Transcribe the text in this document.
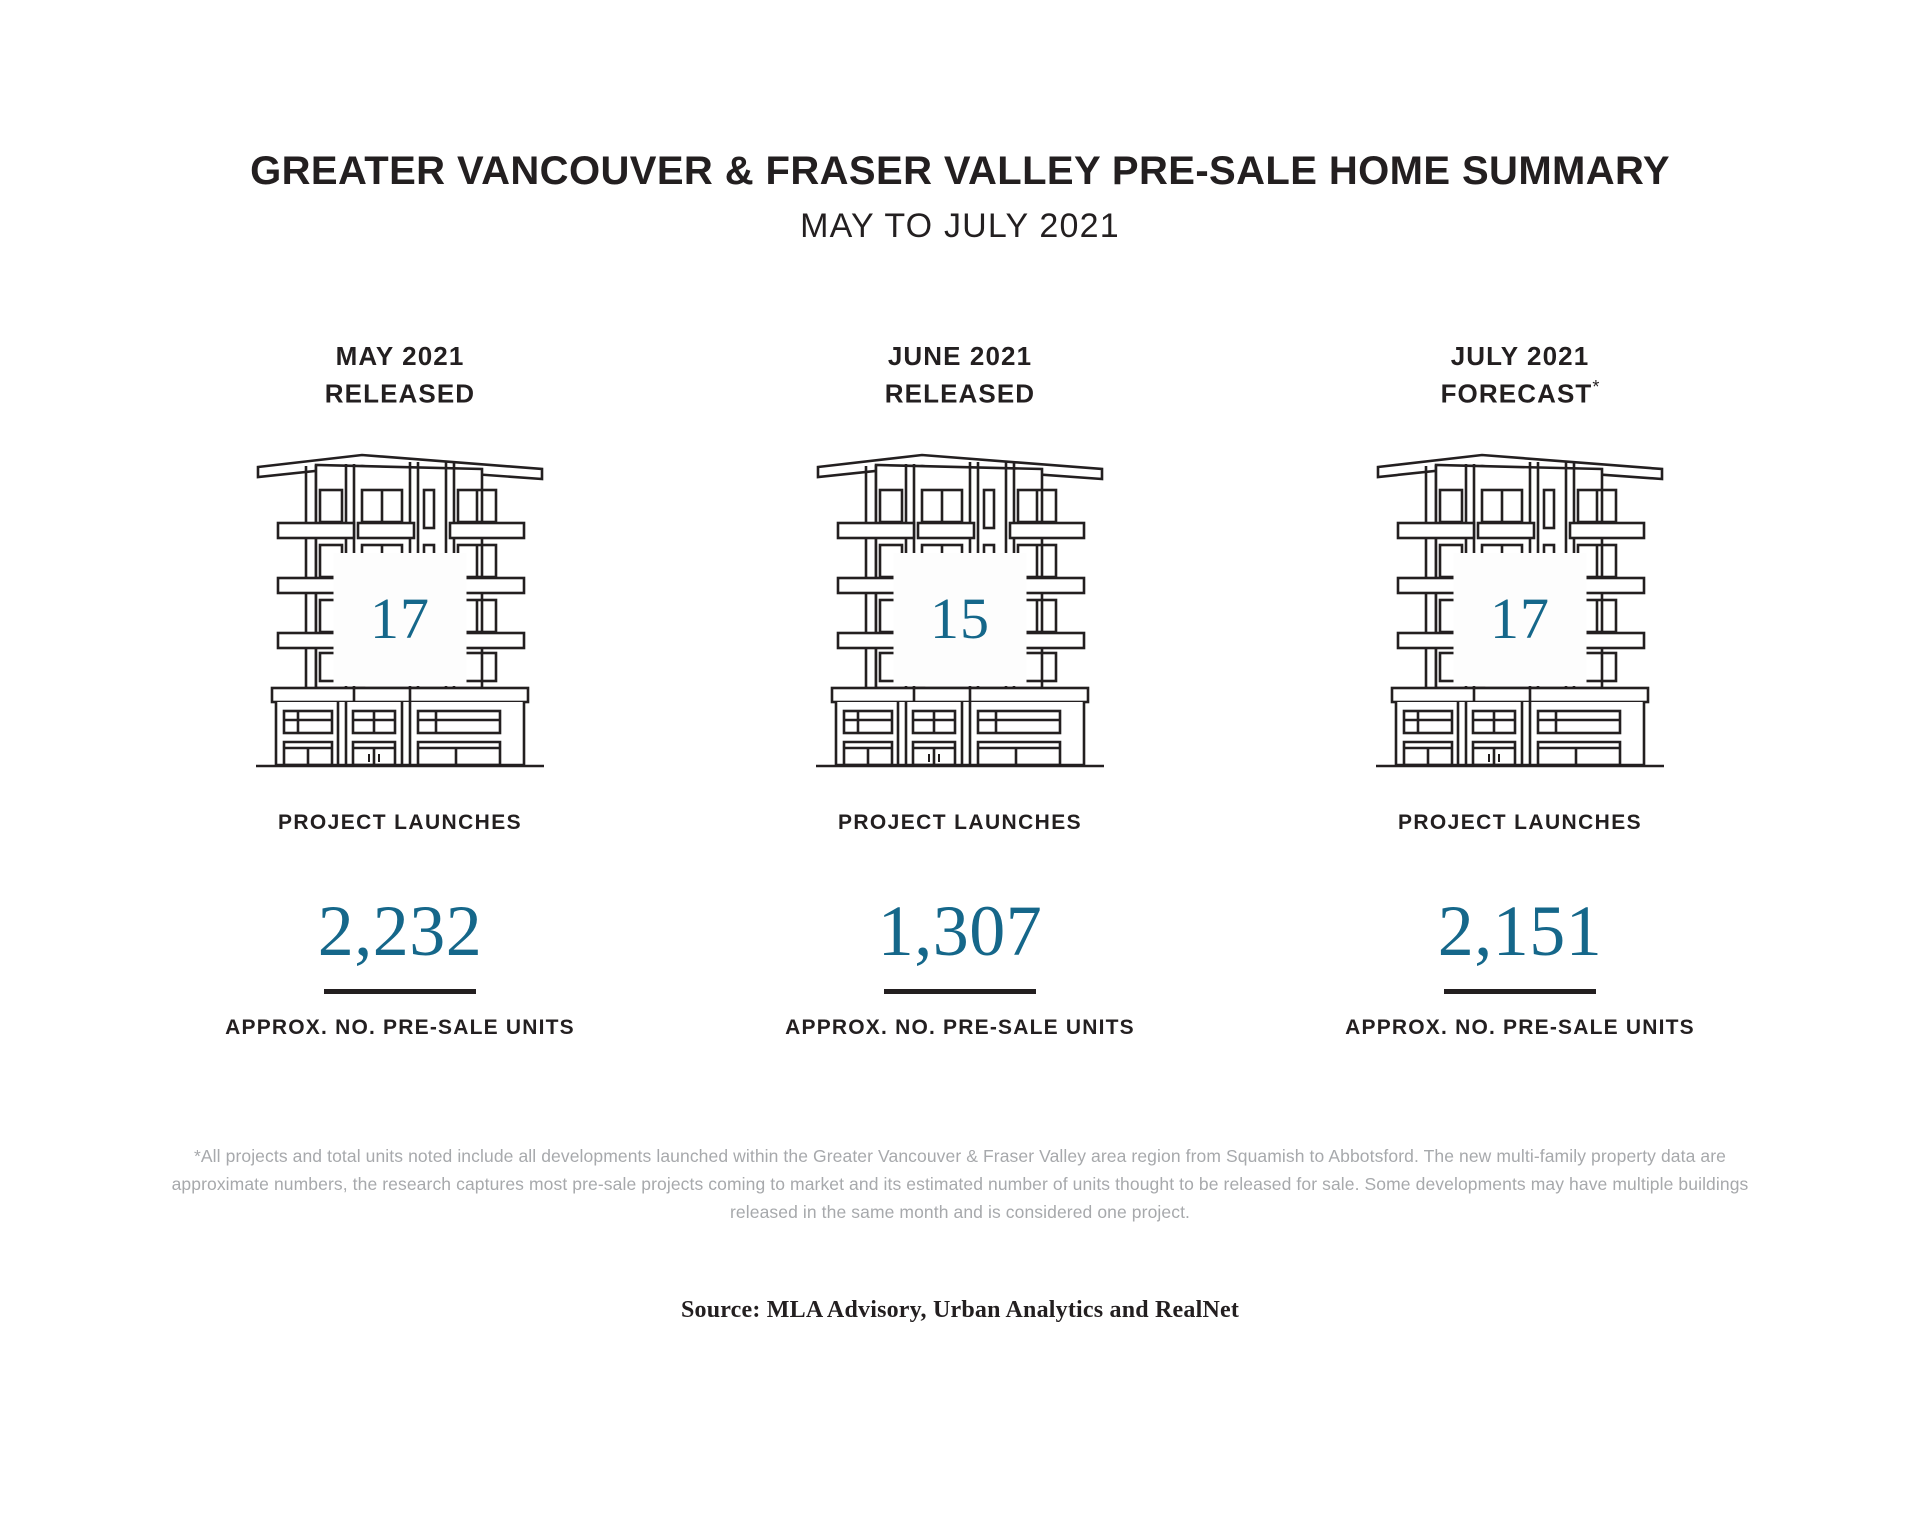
GREATER VANCOUVER & FRASER VALLEY PRE-SALE HOME SUMMARY
MAY TO JULY 2021
MAY 2021
RELEASED
17
PROJECT LAUNCHES
2,232
APPROX. NO. PRE-SALE UNITS
JUNE 2021
RELEASED
15
PROJECT LAUNCHES
1,307
APPROX. NO. PRE-SALE UNITS
JULY 2021
FORECAST*
17
PROJECT LAUNCHES
2,151
APPROX. NO. PRE-SALE UNITS
*All projects and total units noted include all developments launched within the Greater Vancouver & Fraser Valley area region from Squamish to Abbotsford. The new multi-family property data are approximate numbers, the research captures most pre-sale projects coming to market and its estimated number of units thought to be released for sale. Some developments may have multiple buildings released in the same month and is considered one project.
Source: MLA Advisory, Urban Analytics and RealNet
